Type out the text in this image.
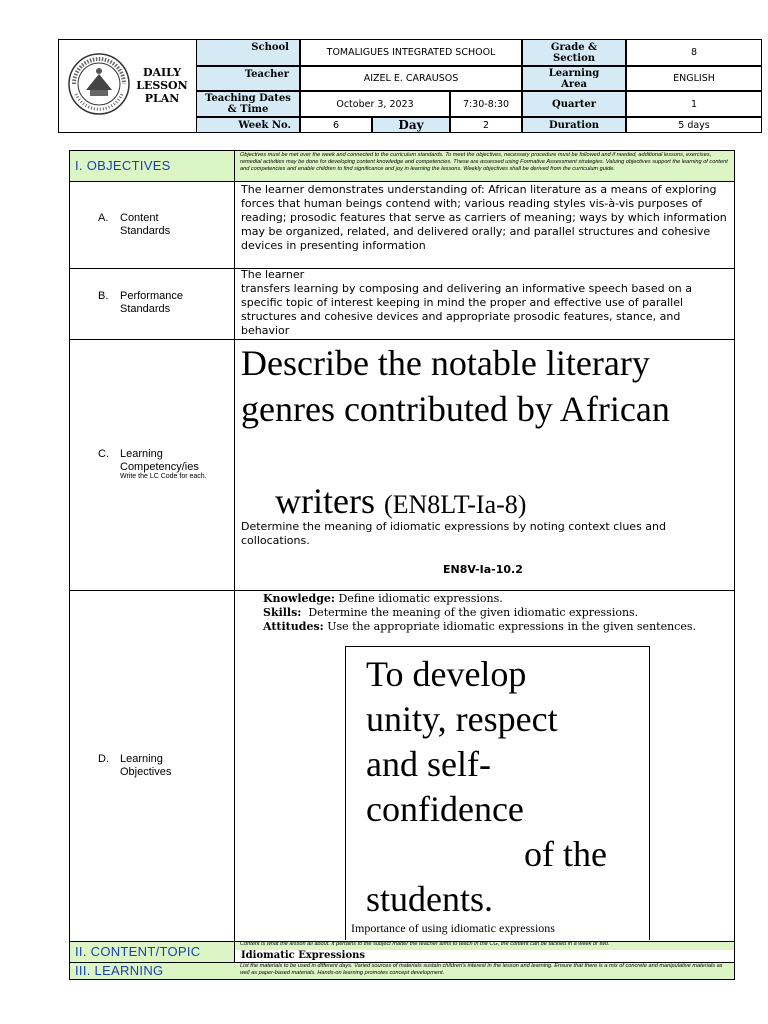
DAILY
LESSON
PLAN
School	TOMALIGUES INTEGRATED SCHOOL	Grade & Section	8
Teacher	AIZEL E. CARAUSOS	Learning Area	ENGLISH
Teaching Dates & Time	October 3, 2023	7:30-8:30	Quarter	1
Week No.	6	Day	2	Duration	5 days
I. OBJECTIVES
Objectives must be met over the week and connected to the curriculum standards. To meet the objectives, necessary procedure must be followed and if needed, additional lessons, exercises, remedial activities may be done for developing content knowledge and competencies. These are assessed using Formative Assessment strategies. Valuing objectives support the learning of content and competencies and enable children to find significance and joy in learning the lessons. Weekly objectives shall be derived from the curriculum guide.
A. Content Standards
The learner demonstrates understanding of: African literature as a means of exploring forces that human beings contend with; various reading styles vis-à-vis purposes of reading; prosodic features that serve as carriers of meaning; ways by which information may be organized, related, and delivered orally; and parallel structures and cohesive devices in presenting information
B. Performance Standards
The learner
transfers learning by composing and delivering an informative speech based on a specific topic of interest keeping in mind the proper and effective use of parallel structures and cohesive devices and appropriate prosodic features, stance, and behavior
C. Learning Competency/ies
Write the LC Code for each.
Describe the notable literary genres contributed by African
writers (EN8LT-Ia-8)
Determine the meaning of idiomatic expressions by noting context clues and collocations.
EN8V-Ia-10.2
D. Learning Objectives
Knowledge: Define idiomatic expressions.
Skills: Determine the meaning of the given idiomatic expressions.
Attitudes: Use the appropriate idiomatic expressions in the given sentences.
To develop
unity, respect
and self-
confidence
of the
students.
Importance of using idiomatic expressions
II. CONTENT/TOPIC	Content is what the lesson all about. It pertains to the subject matter the teacher aims to teach in the CG, the content can be tackled in a week or two.
Idiomatic Expressions
III. LEARNING	List the materials to be used in different days. Varied sources of materials sustain children's interest in the lesson and learning. Ensure that there is a mix of concrete and manipulative materials as well as paper-based materials. Hands-on learning promotes concept development.
